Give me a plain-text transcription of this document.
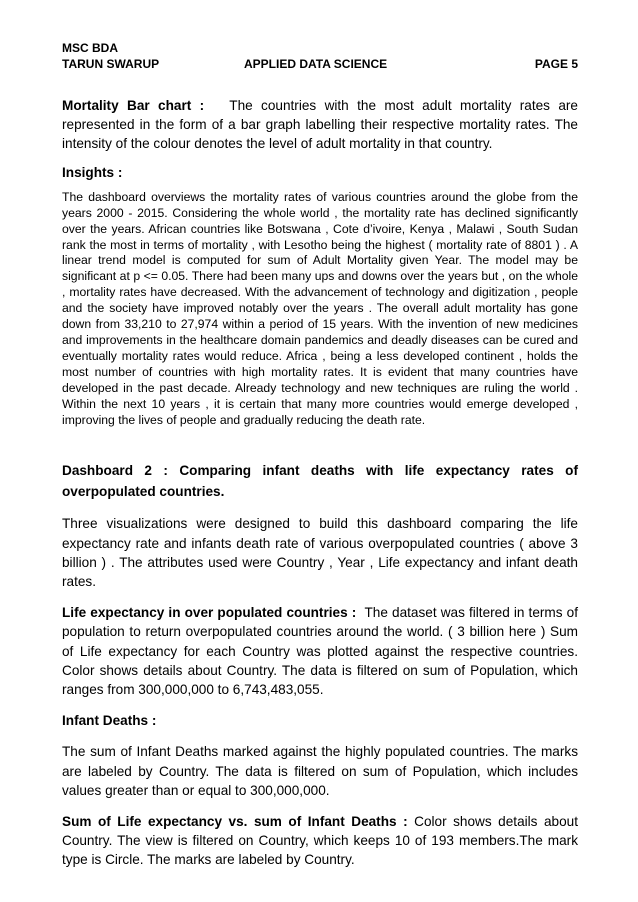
MSC BDA
TARUN SWARUP	APPLIED DATA SCIENCE	PAGE 5

Mortality Bar chart : The countries with the most adult mortality rates are represented in the form of a bar graph labelling their respective mortality rates. The intensity of the colour denotes the level of adult mortality in that country.

Insights :

The dashboard overviews the mortality rates of various countries around the globe from the years 2000 - 2015. Considering the whole world , the mortality rate has declined significantly over the years. African countries like Botswana , Cote d’ivoire, Kenya , Malawi , South Sudan rank the most in terms of mortality , with Lesotho being the highest ( mortality rate of 8801 ) . A linear trend model is computed for sum of Adult Mortality given Year. The model may be significant at p <= 0.05. There had been many ups and downs over the years but , on the whole , mortality rates have decreased. With the advancement of technology and digitization , people and the society have improved notably over the years . The overall adult mortality has gone down from 33,210 to 27,974 within a period of 15 years. With the invention of new medicines and improvements in the healthcare domain pandemics and deadly diseases can be cured and eventually mortality rates would reduce. Africa , being a less developed continent , holds the most number of countries with high mortality rates. It is evident that many countries have developed in the past decade. Already technology and new techniques are ruling the world . Within the next 10 years , it is certain that many more countries would emerge developed , improving the lives of people and gradually reducing the death rate.

Dashboard 2 : Comparing infant deaths with life expectancy rates of overpopulated countries.

Three visualizations were designed to build this dashboard comparing the life expectancy rate and infants death rate of various overpopulated countries ( above 3 billion ) . The attributes used were Country , Year , Life expectancy and infant death rates.

Life expectancy in over populated countries : The dataset was filtered in terms of population to return overpopulated countries around the world. ( 3 billion here ) Sum of Life expectancy for each Country was plotted against the respective countries. Color shows details about Country. The data is filtered on sum of Population, which ranges from 300,000,000 to 6,743,483,055.

Infant Deaths :

The sum of Infant Deaths marked against the highly populated countries. The marks are labeled by Country. The data is filtered on sum of Population, which includes values greater than or equal to 300,000,000.

Sum of Life expectancy vs. sum of Infant Deaths : Color shows details about Country. The view is filtered on Country, which keeps 10 of 193 members.The mark type is Circle. The marks are labeled by Country.
